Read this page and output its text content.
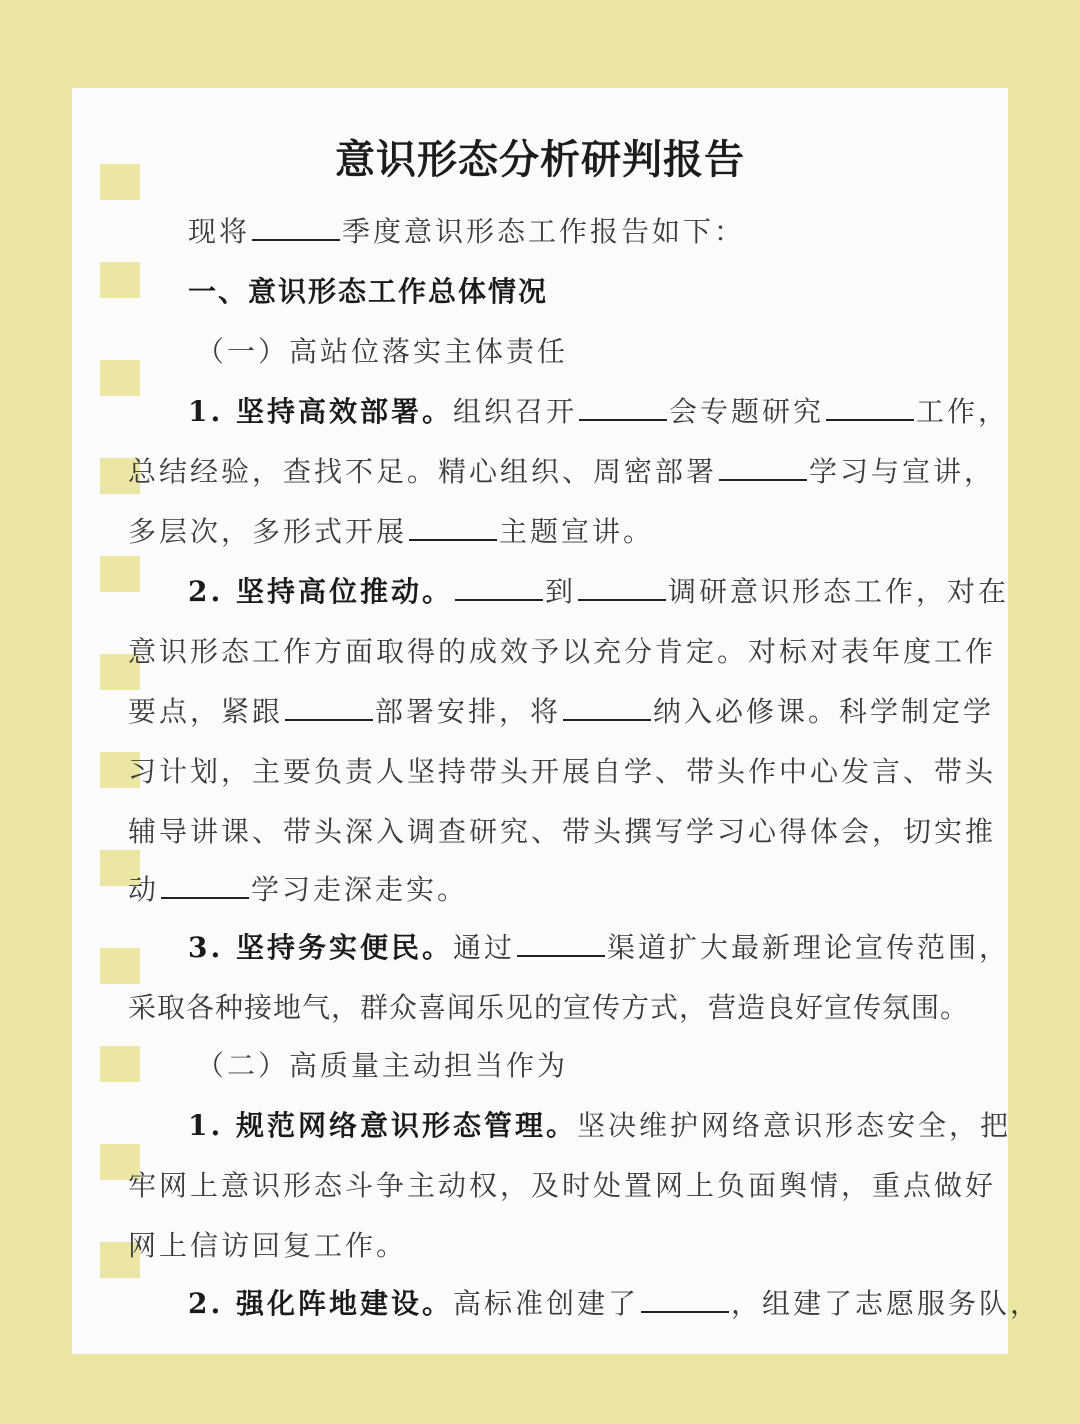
意识形态分析研判报告
现将	季度意识形态工作报告如下：
一、意识形态工作总体情况
（一）高站位落实主体责任
1. 坚持高效部署。组织召开	会专题研究	工作，
总结经验，查找不足。精心组织、周密部署	学习与宣讲，
多层次，多形式开展	主题宣讲。
2. 坚持高位推动。	到	调研意识形态工作，对在
意识形态工作方面取得的成效予以充分肯定。对标对表年度工作
要点，紧跟	部署安排，将	纳入必修课。科学制定学
习计划，主要负责人坚持带头开展自学、带头作中心发言、带头
辅导讲课、带头深入调查研究、带头撰写学习心得体会，切实推
动	学习走深走实。
3. 坚持务实便民。通过	渠道扩大最新理论宣传范围，
采取各种接地气，群众喜闻乐见的宣传方式，营造良好宣传氛围。
（二）高质量主动担当作为
1. 规范网络意识形态管理。坚决维护网络意识形态安全，把
牢网上意识形态斗争主动权，及时处置网上负面舆情，重点做好
网上信访回复工作。
2. 强化阵地建设。高标准创建了	，组建了志愿服务队，
